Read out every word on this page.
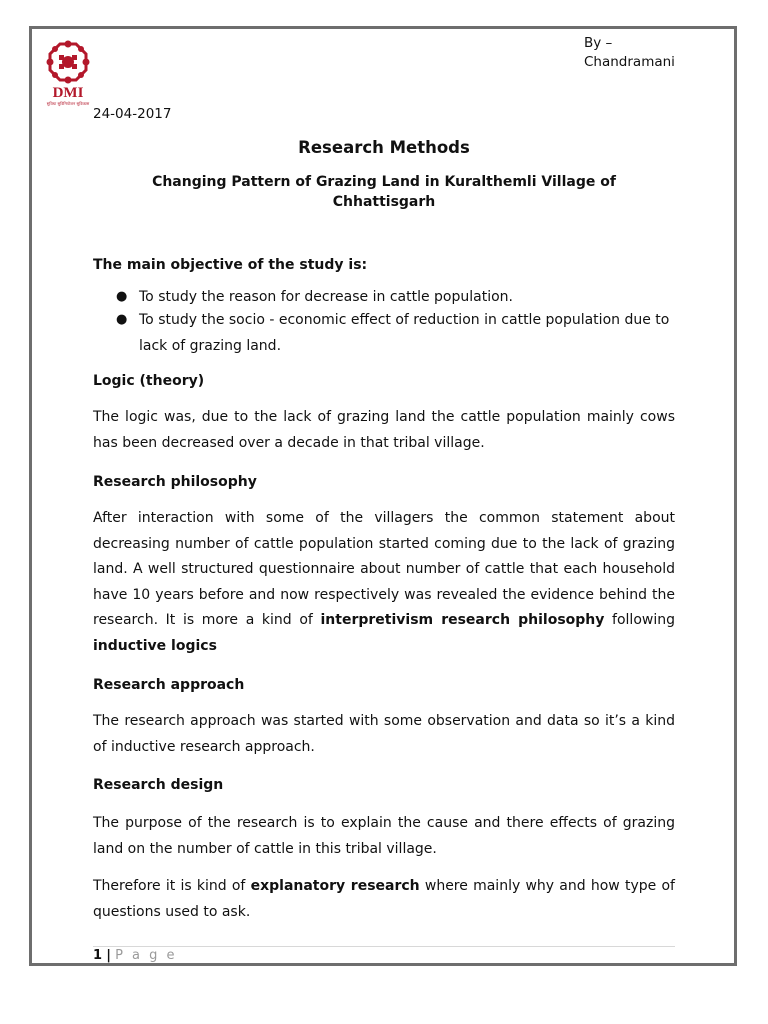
DMI
सुविधा सुविनियोजन सुविकास
By –
Chandramani
24-04-2017
Research Methods
Changing Pattern of Grazing Land in Kuralthemli Village of Chhattisgarh
The main objective of the study is:
● To study the reason for decrease in cattle population.
● To study the socio - economic effect of reduction in cattle population due to lack of grazing land.
Logic (theory)
The logic was, due to the lack of grazing land the cattle population mainly cows has been decreased over a decade in that tribal village.
Research philosophy
After interaction with some of the villagers the common statement about decreasing number of cattle population started coming due to the lack of grazing land. A well structured questionnaire about number of cattle that each household have 10 years before and now respectively was revealed the evidence behind the research. It is more a kind of interpretivism research philosophy following inductive logics
Research approach
The research approach was started with some observation and data so it’s a kind of inductive research approach.
Research design
The purpose of the research is to explain the cause and there effects of grazing land on the number of cattle in this tribal village.
Therefore it is kind of explanatory research where mainly why and how type of questions used to ask.
1 | P a g e
